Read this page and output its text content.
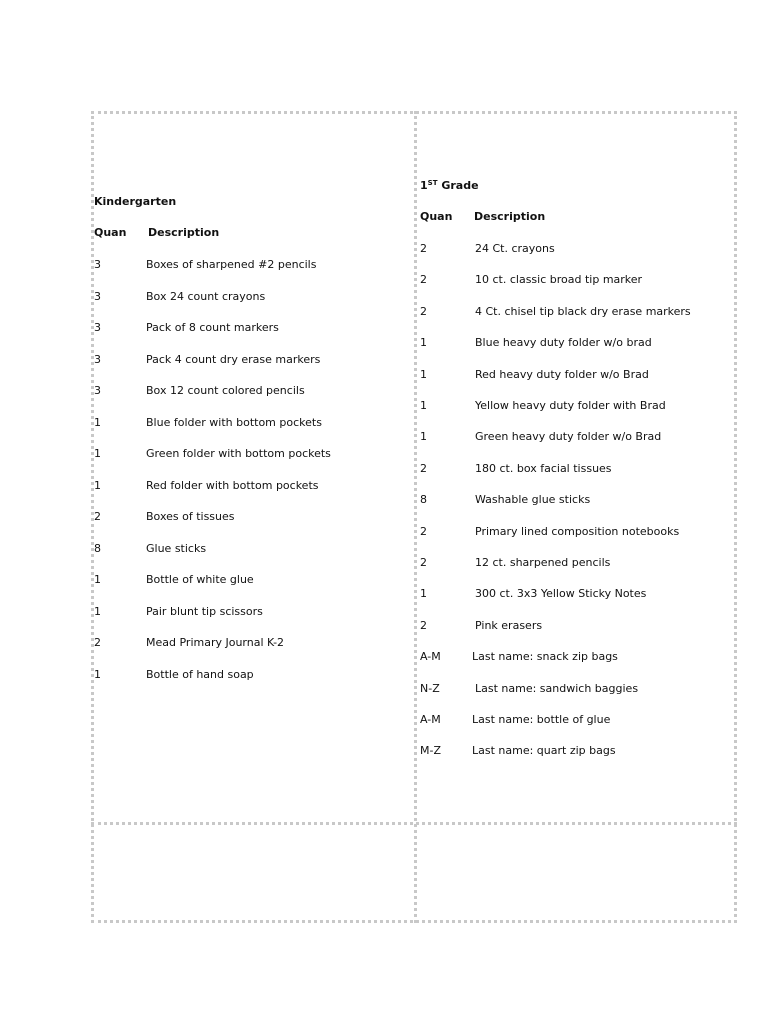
Kindergarten
Quan Description
3	Boxes of sharpened #2 pencils
3	Box 24 count crayons
3	Pack of 8 count markers
3	Pack 4 count dry erase markers
3	Box 12 count colored pencils
1	Blue folder with bottom pockets
1	Green folder with bottom pockets
1	Red folder with bottom pockets
2	Boxes of tissues
8	Glue sticks
1	Bottle of white glue
1	Pair blunt tip scissors
2	Mead Primary Journal K-2
1	Bottle of hand soap
1ST Grade
Quan Description
2	24 Ct. crayons
2	10 ct. classic broad tip marker
2	4 Ct. chisel tip black dry erase markers
1	Blue heavy duty folder w/o brad
1	Red heavy duty folder w/o Brad
1	Yellow heavy duty folder with Brad
1	Green heavy duty folder w/o Brad
2	180 ct. box facial tissues
8	Washable glue sticks
2	Primary lined composition notebooks
2	12 ct. sharpened pencils
1	300 ct. 3x3 Yellow Sticky Notes
2	Pink erasers
A-M	Last name: snack zip bags
N-Z	Last name: sandwich baggies
A-M	Last name: bottle of glue
M-Z	Last name: quart zip bags
